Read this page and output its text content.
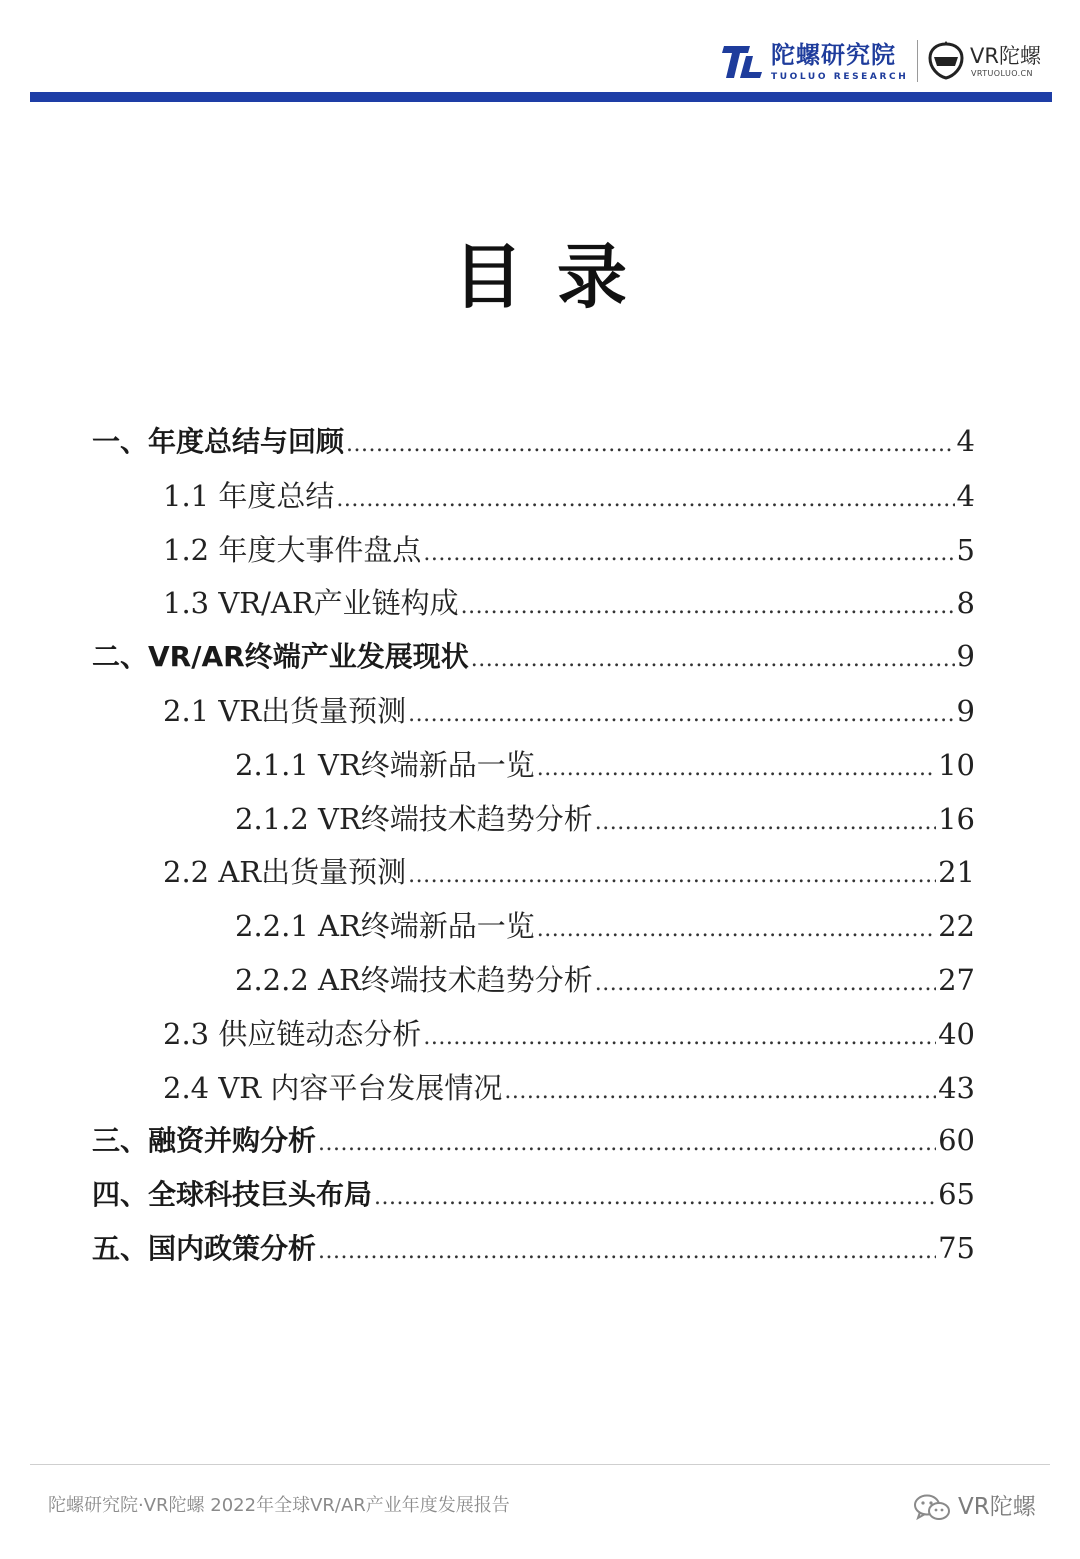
陀螺研究院
TUOLUO RESEARCH
VR陀螺
VRTUOLUO.CN
目录
一、年度总结与回顾 .....	4
1.1 年度总结 .....	4
1.2 年度大事件盘点 .....	5
1.3 VR/AR产业链构成 .....	8
二、VR/AR终端产业发展现状 .....	9
2.1 VR出货量预测 .....	9
2.1.1 VR终端新品一览 .....	10
2.1.2 VR终端技术趋势分析 .....	16
2.2 AR出货量预测 .....	21
2.2.1 AR终端新品一览 .....	22
2.2.2 AR终端技术趋势分析 .....	27
2.3 供应链动态分析 .....	40
2.4 VR 内容平台发展情况 .....	43
三、融资并购分析 .....	60
四、全球科技巨头布局 .....	65
五、国内政策分析 .....	75
陀螺研究院·VR陀螺 2022年全球VR/AR产业年度发展报告	VR陀螺
